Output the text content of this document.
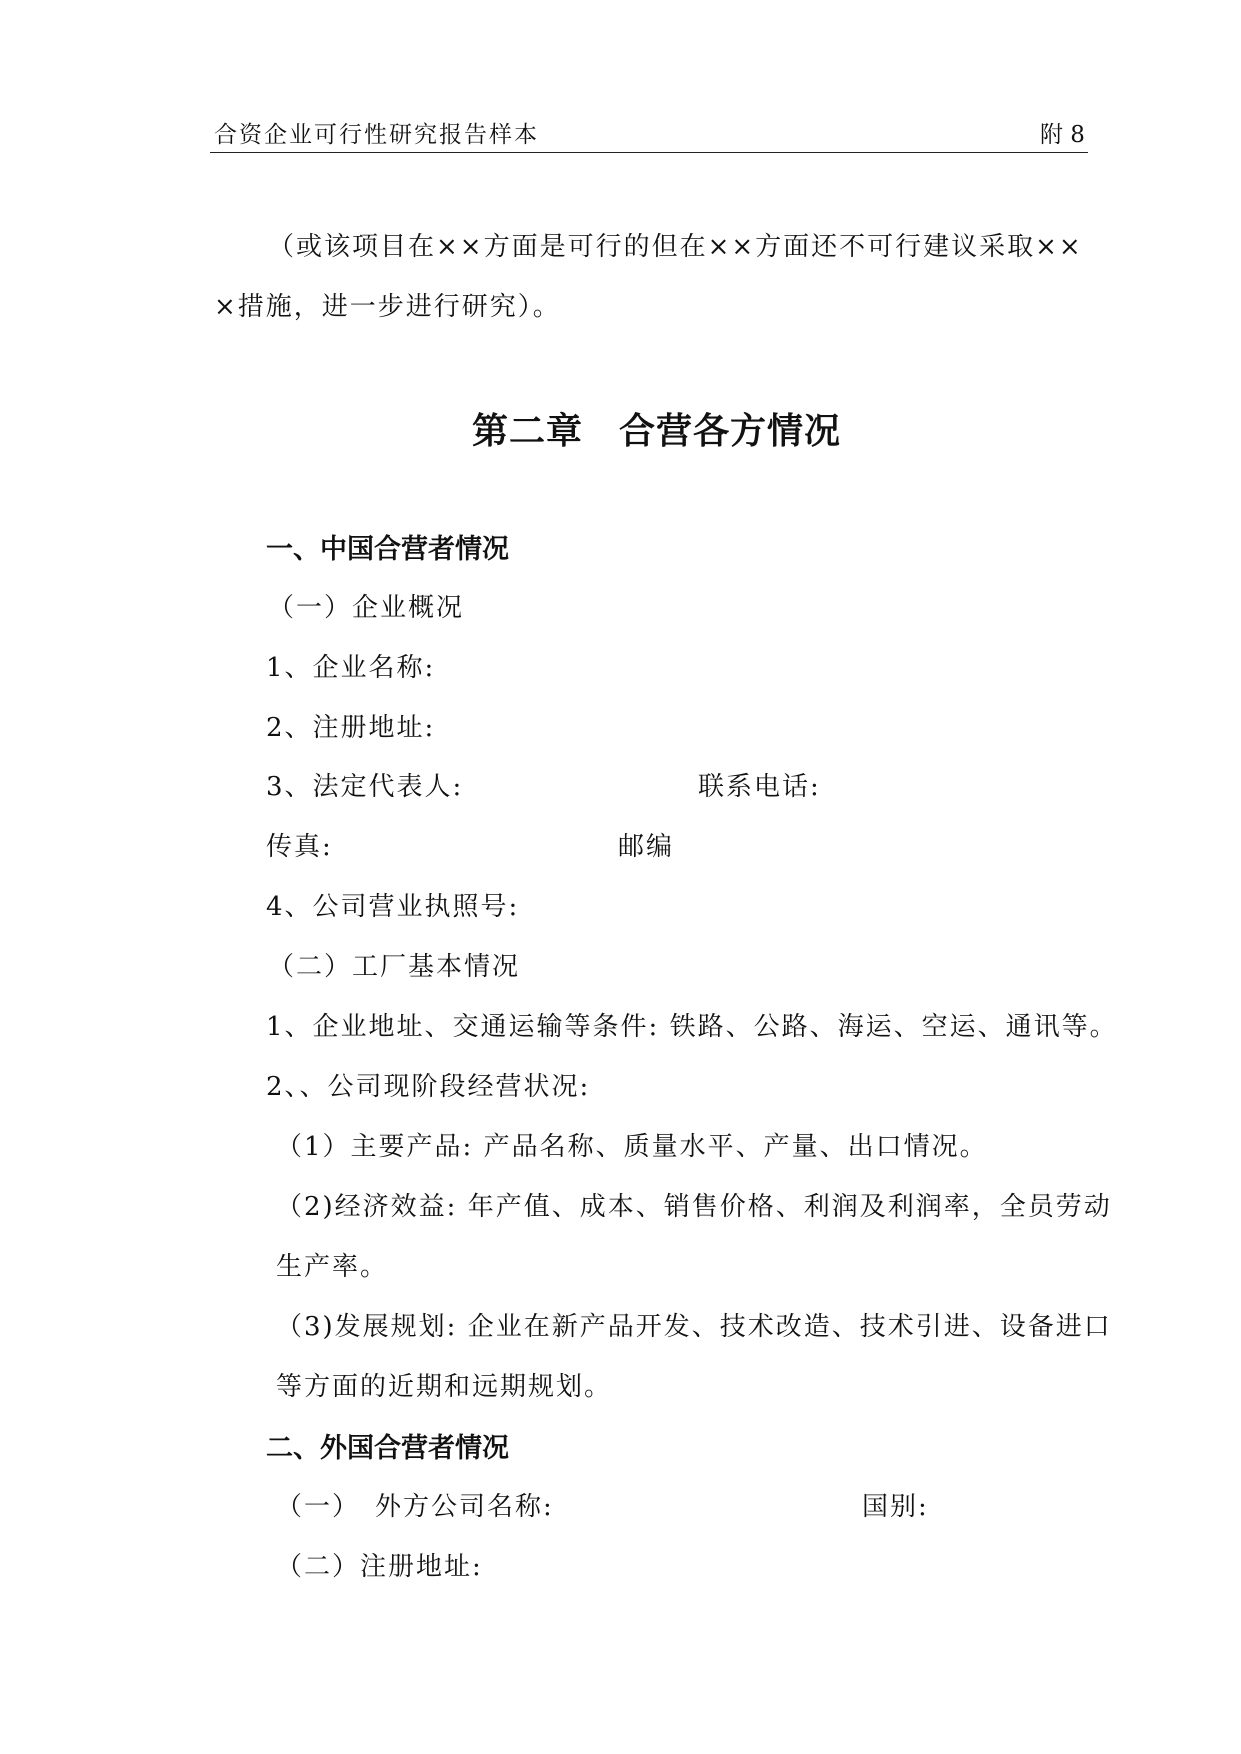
合资企业可行性研究报告样本	附 8
（或该项目在××方面是可行的但在××方面还不可行建议采取××
×措施，进一步进行研究）。
第二章 合营各方情况
一、中国合营者情况
（一）企业概况
1、企业名称:
2、注册地址:
3、法定代表人:	联系电话:
传真:	邮编
4、公司营业执照号:
（二）工厂基本情况
1、企业地址、交通运输等条件: 铁路、公路、海运、空运、通讯等。
2、、公司现阶段经营状况:
（1）主要产品: 产品名称、质量水平、产量、出口情况。
（2)经济效益: 年产值、成本、销售价格、利润及利润率，全员劳动
生产率。
（3)发展规划: 企业在新产品开发、技术改造、技术引进、设备进口
等方面的近期和远期规划。
二、外国合营者情况
（一）　外方公司名称:	国别:
（二）注册地址:
